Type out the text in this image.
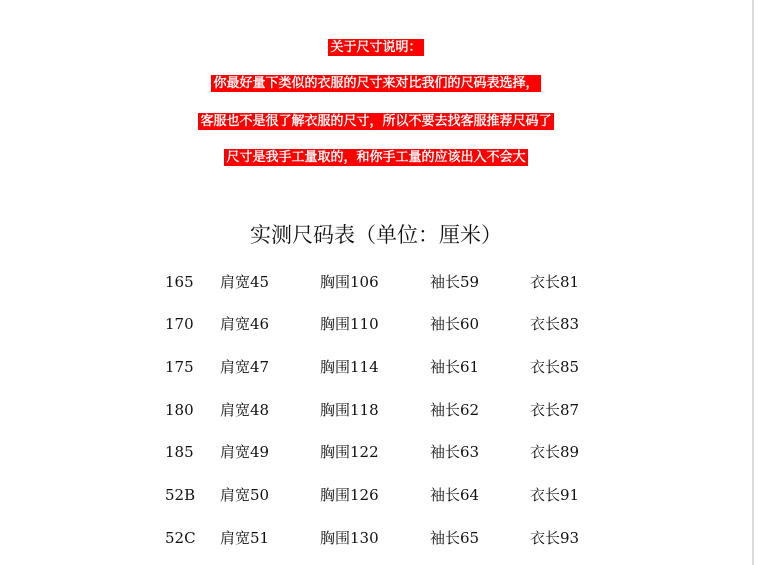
关于尺寸说明：
你最好量下类似的衣服的尺寸来对比我们的尺码表选择，
客服也不是很了解衣服的尺寸，所以不要去找客服推荐尺码了
尺寸是我手工量取的，和你手工量的应该出入不会大
实测尺码表（单位：厘米）
165 肩宽45	胸围106	袖长59	衣长81
170 肩宽46	胸围110	袖长60	衣长83
175 肩宽47	胸围114	袖长61	衣长85
180 肩宽48	胸围118	袖长62	衣长87
185 肩宽49	胸围122	袖长63	衣长89
52B 肩宽50	胸围126	袖长64	衣长91
52C 肩宽51	胸围130	袖长65	衣长93
